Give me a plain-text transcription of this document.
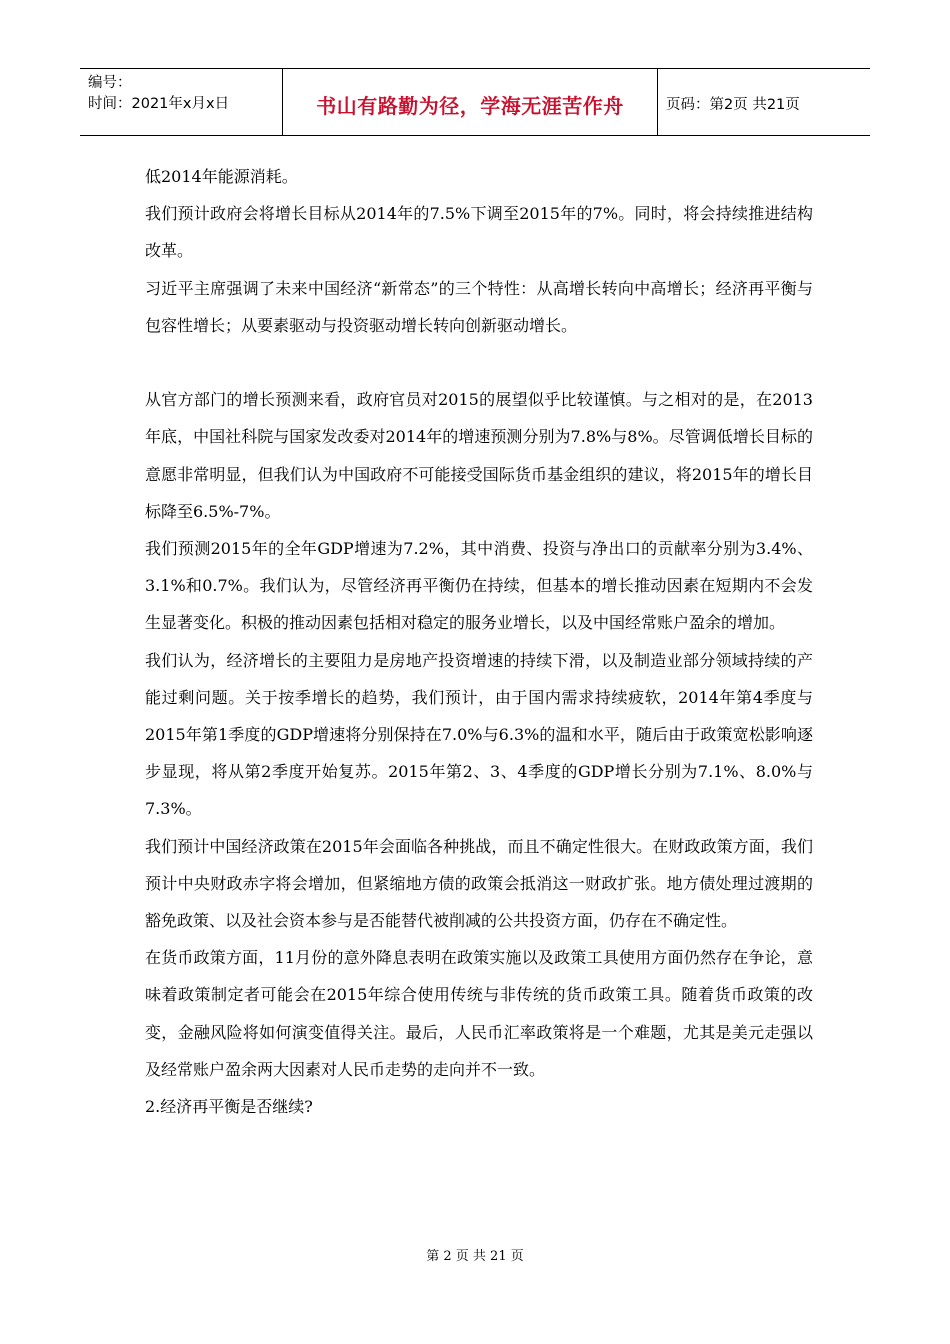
编号：
时间：2021年x月x日	书山有路勤为径，学海无涯苦作舟	页码：第2页 共21页

低2014年能源消耗。

我们预计政府会将增长目标从2014年的7.5%下调至2015年的7%。同时，将会持续推进结构改革。

习近平主席强调了未来中国经济“新常态”的三个特性：从高增长转向中高增长；经济再平衡与包容性增长；从要素驱动与投资驱动增长转向创新驱动增长。

从官方部门的增长预测来看，政府官员对2015的展望似乎比较谨慎。与之相对的是，在2013年底，中国社科院与国家发改委对2014年的增速预测分别为7.8%与8%。尽管调低增长目标的意愿非常明显，但我们认为中国政府不可能接受国际货币基金组织的建议，将2015年的增长目标降至6.5%-7%。

我们预测2015年的全年GDP增速为7.2%，其中消费、投资与净出口的贡献率分别为3.4%、3.1%和0.7%。我们认为，尽管经济再平衡仍在持续，但基本的增长推动因素在短期内不会发生显著变化。积极的推动因素包括相对稳定的服务业增长，以及中国经常账户盈余的增加。

我们认为，经济增长的主要阻力是房地产投资增速的持续下滑，以及制造业部分领域持续的产能过剩问题。关于按季增长的趋势，我们预计，由于国内需求持续疲软，2014年第4季度与2015年第1季度的GDP增速将分别保持在7.0%与6.3%的温和水平，随后由于政策宽松影响逐步显现，将从第2季度开始复苏。2015年第2、3、4季度的GDP增长分别为7.1%、8.0%与7.3%。

我们预计中国经济政策在2015年会面临各种挑战，而且不确定性很大。在财政政策方面，我们预计中央财政赤字将会增加，但紧缩地方债的政策会抵消这一财政扩张。地方债处理过渡期的豁免政策、以及社会资本参与是否能替代被削减的公共投资方面，仍存在不确定性。

在货币政策方面，11月份的意外降息表明在政策实施以及政策工具使用方面仍然存在争论，意味着政策制定者可能会在2015年综合使用传统与非传统的货币政策工具。随着货币政策的改变，金融风险将如何演变值得关注。最后，人民币汇率政策将是一个难题，尤其是美元走强以及经常账户盈余两大因素对人民币走势的走向并不一致。

2.经济再平衡是否继续?

第 2 页 共 21 页
